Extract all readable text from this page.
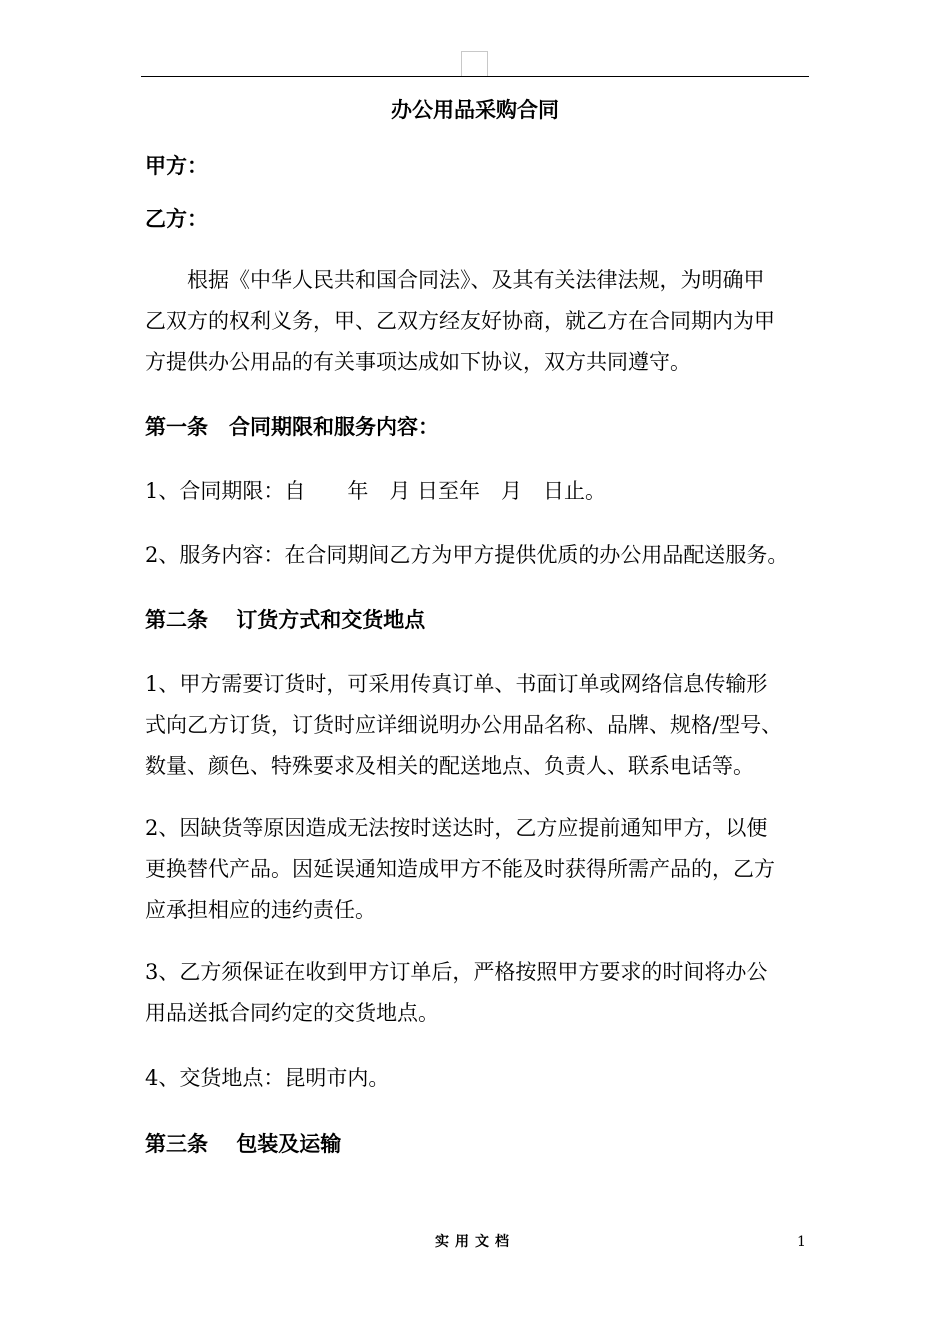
办公用品采购合同
甲方：
乙方：
　　根据《中华人民共和国合同法》、及其有关法律法规，为明确甲
乙双方的权利义务，甲、乙双方经友好协商，就乙方在合同期内为甲
方提供办公用品的有关事项达成如下协议，双方共同遵守。
第一条　合同期限和服务内容：
1、合同期限：自　　年　月 日至年　月　日止。
2、服务内容：在合同期间乙方为甲方提供优质的办公用品配送服务。
第二条　 订货方式和交货地点
1、甲方需要订货时，可采用传真订单、书面订单或网络信息传输形
式向乙方订货，订货时应详细说明办公用品名称、品牌、规格/型号、
数量、颜色、特殊要求及相关的配送地点、负责人、联系电话等。
2、因缺货等原因造成无法按时送达时，乙方应提前通知甲方，以便
更换替代产品。因延误通知造成甲方不能及时获得所需产品的，乙方
应承担相应的违约责任。
3、乙方须保证在收到甲方订单后，严格按照甲方要求的时间将办公
用品送抵合同约定的交货地点。
4、交货地点：昆明市内。
第三条　 包装及运输
实用文档	1
